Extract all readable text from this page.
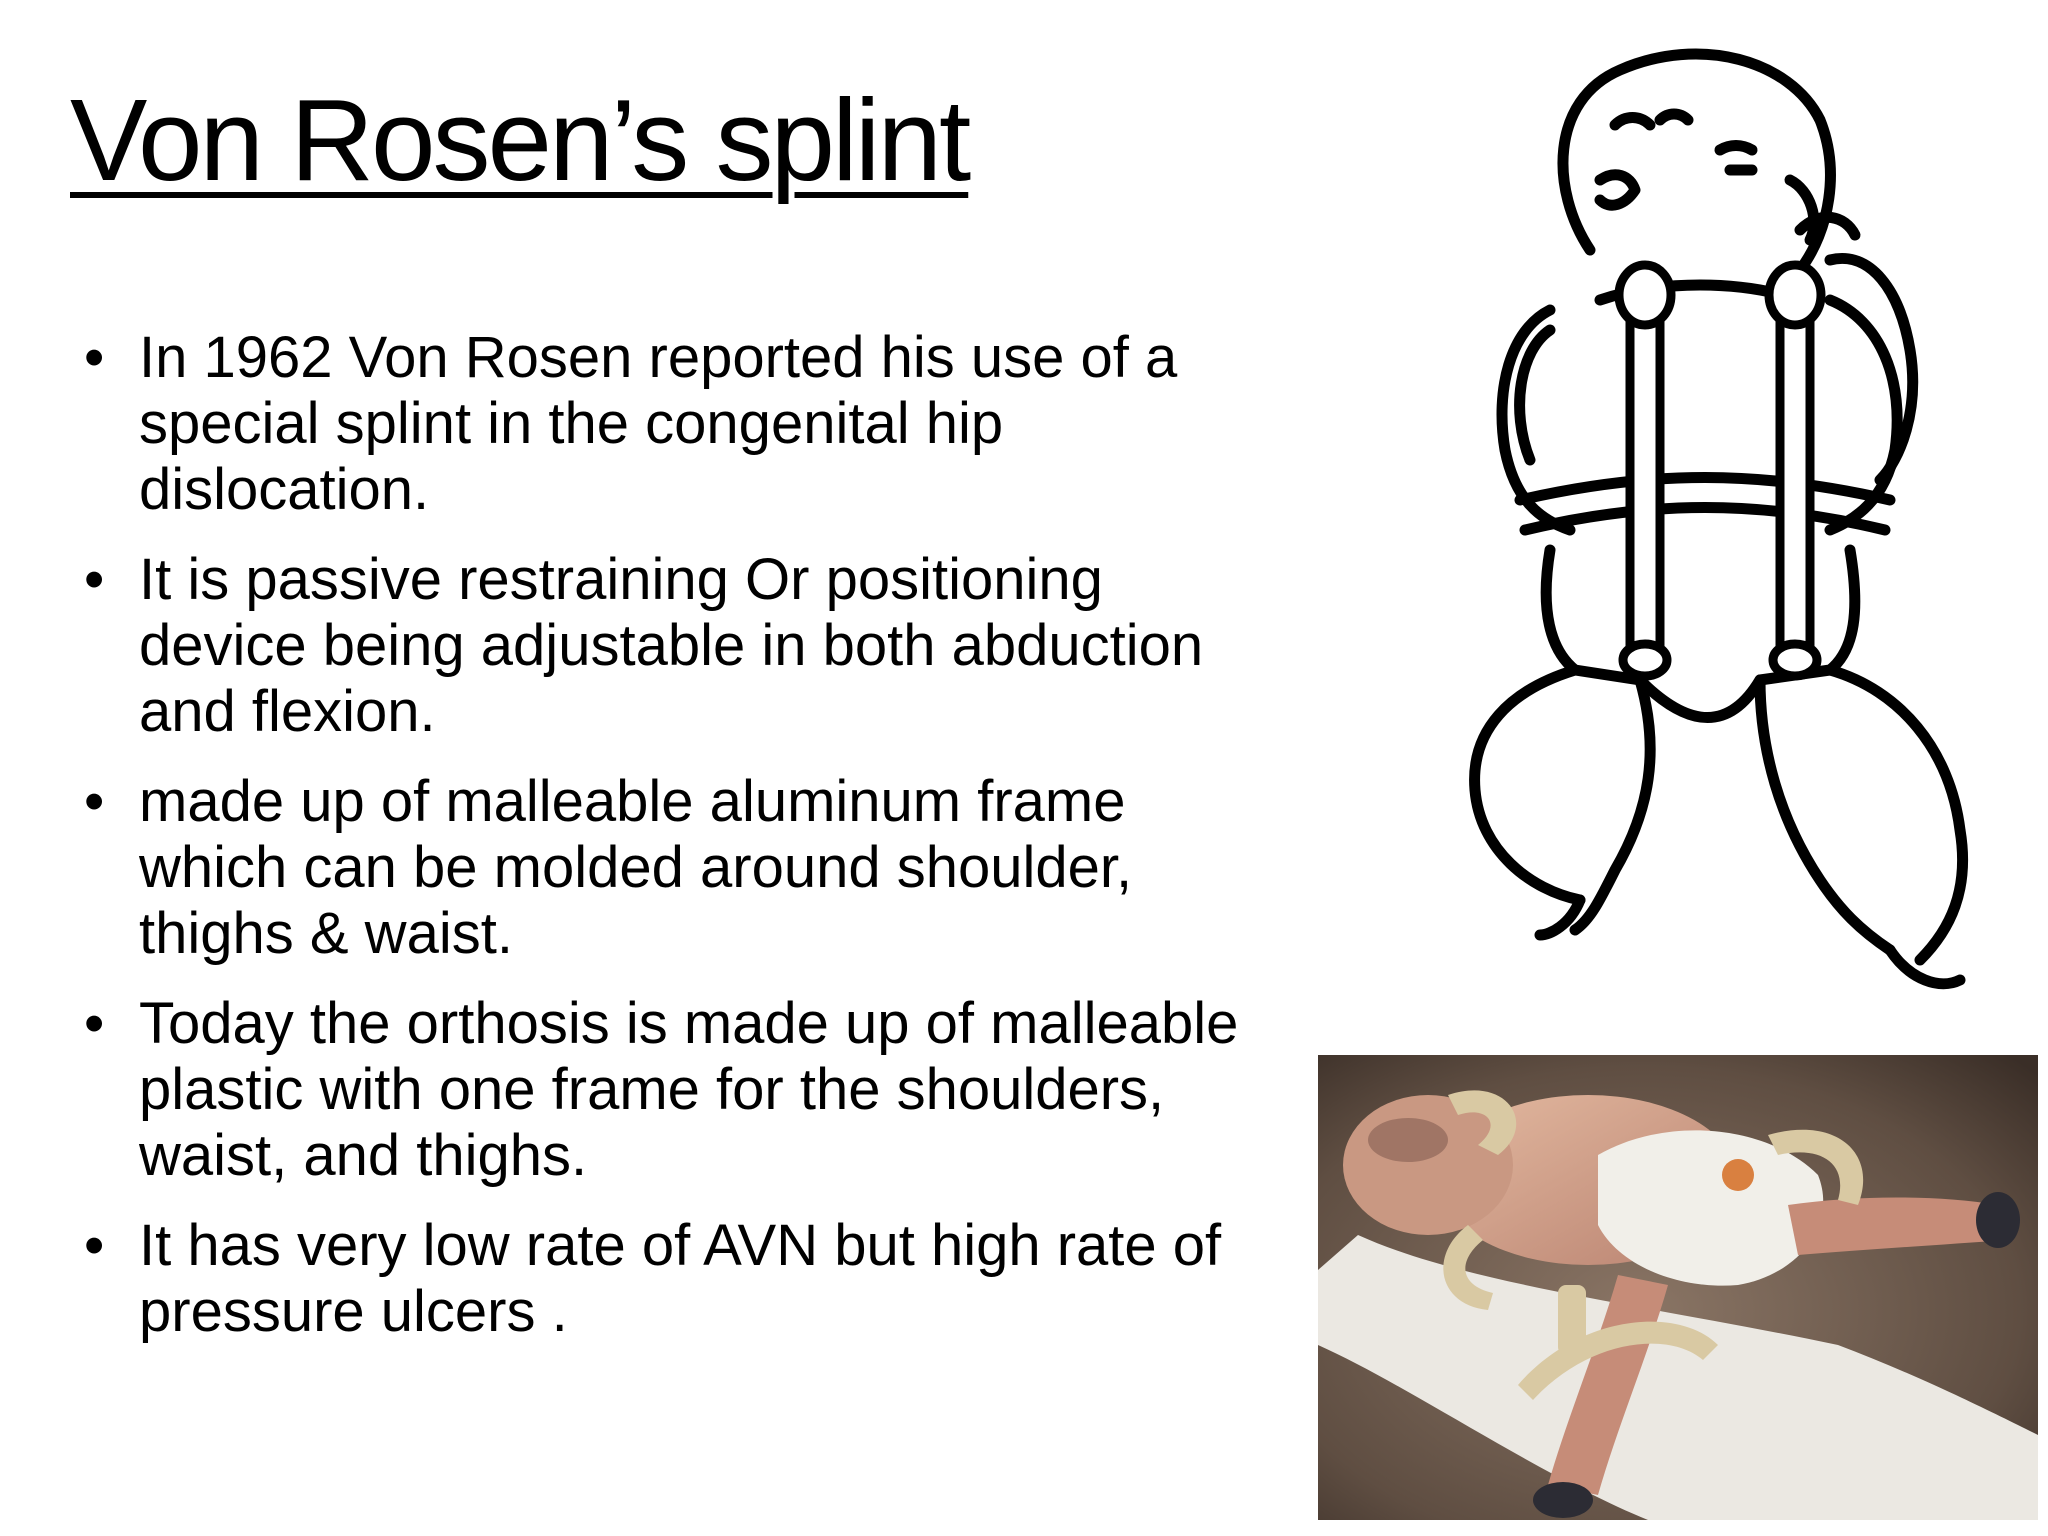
Von Rosen’s splint
• In 1962 Von Rosen reported his use of a special splint in the congenital hip dislocation.
• It is passive restraining Or positioning device being adjustable in both abduction and flexion.
• made up of malleable aluminum frame which can be molded around shoulder, thighs & waist.
• Today the orthosis is made up of malleable plastic with one frame for the shoulders, waist, and thighs.
• It has very low rate of AVN but high rate of pressure ulcers .
